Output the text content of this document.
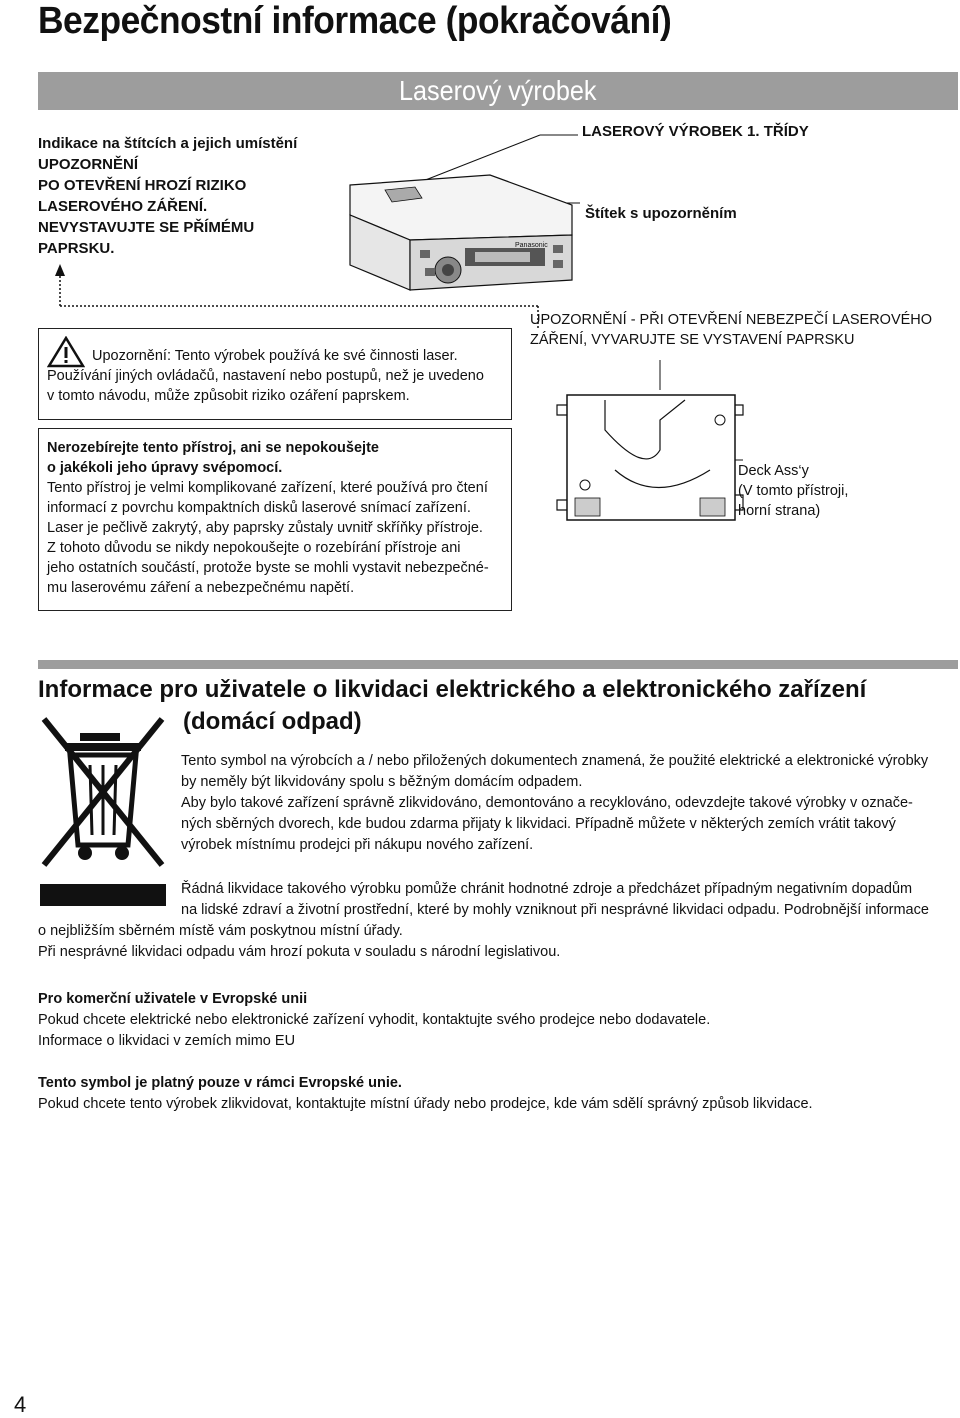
Bezpečnostní informace (pokračování)
Laserový výrobek
Indikace na štítcích a jejich umístění
UPOZORNĚNÍ
PO OTEVŘENÍ HROZÍ RIZIKO
LASEROVÉHO ZÁŘENÍ.
NEVYSTAVUJTE SE PŘÍMÉMU
PAPRSKU.
LASEROVÝ VÝROBEK 1. TŘÍDY
Štítek s upozorněním
Panasonic
Upozornění: Tento výrobek používá ke své činnosti laser.
Používání jiných ovládačů, nastavení nebo postupů, než je uvedeno
v tomto návodu, může způsobit riziko ozáření paprskem.
Nerozebírejte tento přístroj, ani se nepokoušejte
o jakékoli jeho úpravy svépomocí.
Tento přístroj je velmi komplikované zařízení, které používá pro čtení
informací z povrchu kompaktních disků laserové snímací zařízení.
Laser je pečlivě zakrytý, aby paprsky zůstaly uvnitř skříňky přístroje.
Z tohoto důvodu se nikdy nepokoušejte o rozebírání přístroje ani
jeho ostatních součástí, protože byste se mohli vystavit nebezpečné-
mu laserovému záření a nebezpečnému napětí.
UPOZORNĚNÍ - PŘI OTEVŘENÍ NEBEZPEČÍ LASEROVÉHO
ZÁŘENÍ, VYVARUJTE SE VYSTAVENÍ PAPRSKU
Deck Ass‘y
(V tomto přístroji,
horní strana)
Informace pro uživatele o likvidaci elektrického a elektronického zařízení
(domácí odpad)
Tento symbol na výrobcích a / nebo přiložených dokumentech znamená, že použité elektrické a elektronické výrobky
by neměly být likvidovány spolu s běžným domácím odpadem.
Aby bylo takové zařízení správně zlikvidováno, demontováno a recyklováno, odevzdejte takové výrobky v označe-
ných sběrných dvorech, kde budou zdarma přijaty k likvidaci. Případně můžete v některých zemích vrátit takový
výrobek místnímu prodejci při nákupu nového zařízení.
Řádná likvidace takového výrobku pomůže chránit hodnotné zdroje a předcházet případným negativním dopadům
na lidské zdraví a životní prostřední, které by mohly vzniknout při nesprávné likvidaci odpadu. Podrobnější informace
o nejbližším sběrném místě vám poskytnou místní úřady.
Při nesprávné likvidaci odpadu vám hrozí pokuta v souladu s národní legislativou.
Pro komerční uživatele v Evropské unii
Pokud chcete elektrické nebo elektronické zařízení vyhodit, kontaktujte svého prodejce nebo dodavatele.
Informace o likvidaci v zemích mimo EU
Tento symbol je platný pouze v rámci Evropské unie.
Pokud chcete tento výrobek zlikvidovat, kontaktujte místní úřady nebo prodejce, kde vám sdělí správný způsob likvidace.
4
